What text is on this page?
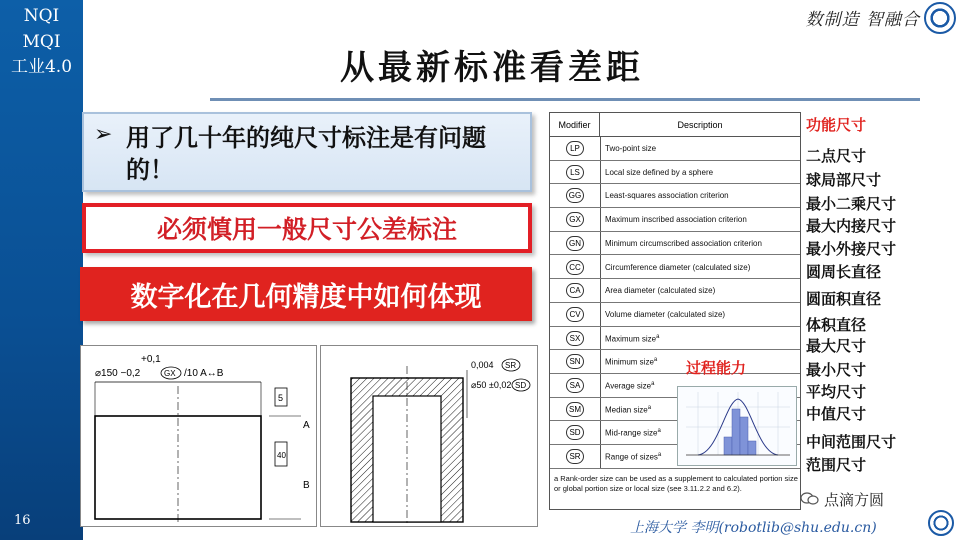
NQI
MQI
工业4.0
16
数制造 智融合
从最新标准看差距
➢ 用了几十年的纯尺寸标注是有问题的！
必须慎用一般尺寸公差标注
数字化在几何精度中如何体现
+0,1
⌀150 −0,2	GX /10 A↔B
5
40
A
B
0,004 SR
⌀50 ±0,02 SD
Modifier	Description
LP	Two-point size
LS	Local size defined by a sphere
GG	Least-squares association criterion
GX	Maximum inscribed association criterion
GN	Minimum circumscribed association criterion
CC	Circumference diameter (calculated size)
CA	Area diameter (calculated size)
CV	Volume diameter (calculated size)
SX	Maximum size$^a$
SN	Minimum size$^a$
SA	Average size$^a$
SM	Median size$^a$
SD	Mid-range size$^a$
SR	Range of sizes$^a$
a Rank-order size can be used as a supplement to calculated portion size or global portion size or local size (see 3.11.2.2 and 6.2).
过程能力
功能尺寸
二点尺寸
球局部尺寸
最小二乘尺寸
最大内接尺寸
最小外接尺寸
圆周长直径
圆面积直径
体积直径
最大尺寸
最小尺寸
平均尺寸
中值尺寸
中间范围尺寸
范围尺寸
点滴方圆
上海大学 李明(robotlib@shu.edu.cn)
